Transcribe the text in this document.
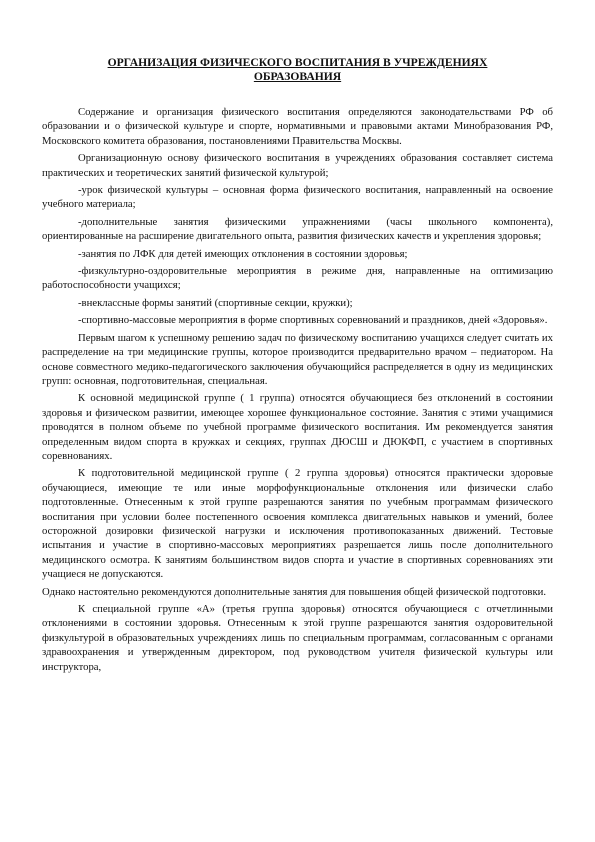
ОРГАНИЗАЦИЯ ФИЗИЧЕСКОГО ВОСПИТАНИЯ В УЧРЕЖДЕНИЯХ ОБРАЗОВАНИЯ

Содержание и организация физического воспитания определяются законодательствами РФ об образовании и о физической культуре и спорте, нормативными и правовыми актами Минобразования РФ, Московского комитета образования, постановлениями Правительства Москвы.

Организационную основу физического воспитания в учреждениях образования составляет система практических и теоретических занятий физической культурой;

-урок физической культуры – основная форма физического воспитания, направленный на освоение учебного материала;

-дополнительные занятия физическими упражнениями (часы школьного компонента), ориентированные на расширение двигательного опыта, развития физических качеств и укрепления здоровья;

-занятия по ЛФК для детей имеющих отклонения в состоянии здоровья;

-физкультурно-оздоровительные мероприятия в режиме дня, направленные на оптимизацию работоспособности учащихся;

-внеклассные формы занятий (спортивные секции, кружки);

-спортивно-массовые мероприятия в форме спортивных соревнований и праздников, дней «Здоровья».

Первым шагом к успешному решению задач по физическому воспитанию учащихся следует считать их распределение на три медицинские группы, которое производится предварительно врачом – педиатором. На основе совместного медико-педагогического заключения обучающийся распределяется в одну из медицинских групп: основная, подготовительная, специальная.

К основной медицинской группе ( 1 группа) относятся обучающиеся без отклонений в состоянии здоровья и физическом развитии, имеющее хорошее функциональное состояние. Занятия с этими учащимися проводятся в полном объеме по учебной программе физического воспитания. Им рекомендуется занятия определенным видом спорта в кружках и секциях, группах ДЮСШ и ДЮКФП, с участием в спортивных соревнованиях.

К подготовительной медицинской группе ( 2 группа здоровья) относятся практически здоровые обучающиеся, имеющие те или иные морфофункциональные отклонения или физически слабо подготовленные. Отнесенным к этой группе разрешаются занятия по учебным программам физического воспитания при условии более постепенного освоения комплекса двигательных навыков и умений, более осторожной дозировки физической нагрузки и исключения противопоказанных движений. Тестовые испытания и участие в спортивно-массовых мероприятиях разрешается лишь после дополнительного медицинского осмотра. К занятиям большинством видов спорта и участие в спортивных соревнованиях эти учащиеся не допускаются.

Однако настоятельно рекомендуются дополнительные занятия для повышения общей физической подготовки.

К специальной группе «А» (третья группа здоровья) относятся обучающиеся с отчетлинными отклонениями в состоянии здоровья. Отнесенным к этой группе разрешаются занятия оздоровительной физкультурой в образовательных учреждениях лишь по специальным программам, согласованным с органами здравоохранения и утвержденным директором, под руководством учителя физической культуры или инструктора,
